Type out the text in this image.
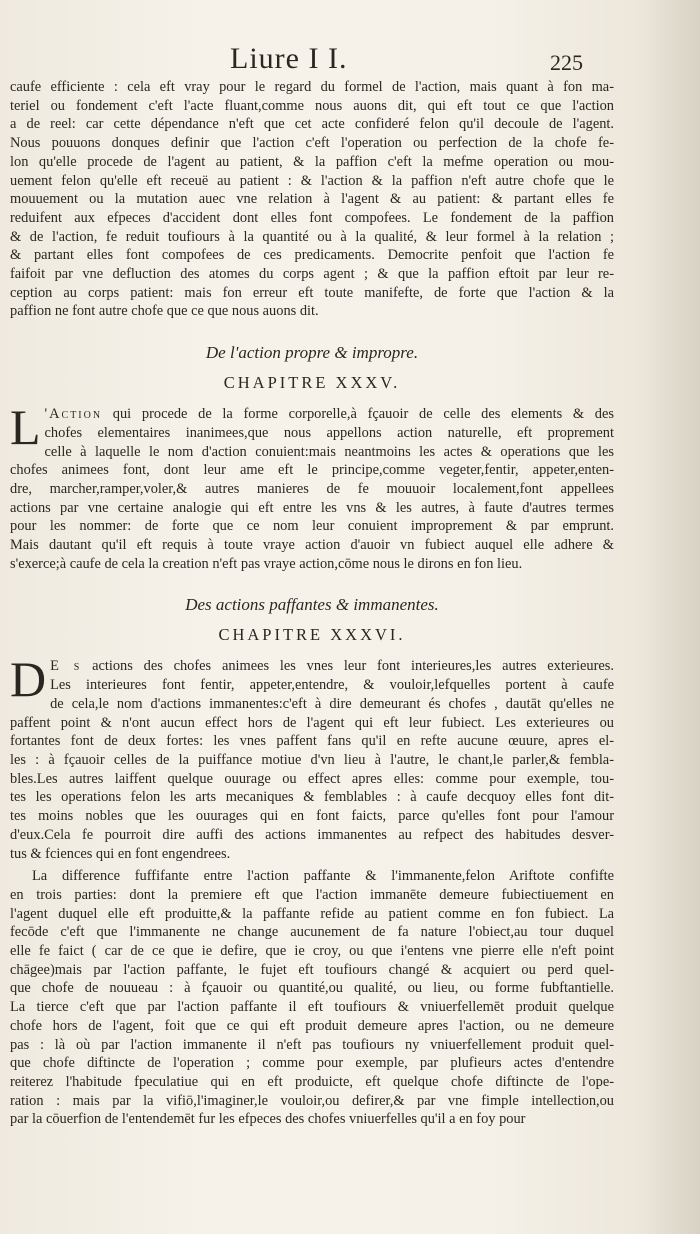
Liure I I.	225
caufe efficiente : cela eft vray pour le regard du formel de l'action, mais quant à fon ma-
teriel ou fondement c'eft l'acte fluant,comme nous auons dit, qui eft tout ce que l'action
a de reel: car cette dépendance n'eft que cet acte confideré felon qu'il decoule de l'agent.
Nous pouuons donques definir que l'action c'eft l'operation ou perfection de la chofe fe-
lon qu'elle procede de l'agent au patient, & la paffion c'eft la mefme operation ou mou-
uement felon qu'elle eft receuë au patient : & l'action & la paffion n'eft autre chofe que le
mouuement ou la mutation auec vne relation à l'agent & au patient: & partant elles fe
reduifent aux efpeces d'accident dont elles font compofees. Le fondement de la paffion
& de l'action, fe reduit toufiours à la quantité ou à la qualité, & leur formel à la relation ;
& partant elles font compofees de ces predicaments. Democrite penfoit que l'action fe
faifoit par vne defluction des atomes du corps agent ; & que la paffion eftoit par leur re-
ception au corps patient: mais fon erreur eft toute manifefte, de forte que l'action & la
paffion ne font autre chofe que ce que nous auons dit.
De l'action propre & impropre.
CHAPITRE XXXV.
L 'Action qui procede de la forme corporelle,à fçauoir de celle des elements & des
chofes elementaires inanimees,que nous appellons action naturelle, eft proprement
celle à laquelle le nom d'action conuient:mais neantmoins les actes & operations que les
chofes animees font, dont leur ame eft le principe,comme vegeter,fentir, appeter,enten-
dre, marcher,ramper,voler,& autres manieres de fe mouuoir localement,font appellees
actions par vne certaine analogie qui eft entre les vns & les autres, à faute d'autres termes
pour les nommer: de forte que ce nom leur conuient improprement & par emprunt.
Mais dautant qu'il eft requis à toute vraye action d'auoir vn fubiect auquel elle adhere &
s'exerce;à caufe de cela la creation n'eft pas vraye action,cōme nous le dirons en fon lieu.
Des actions paffantes & immanentes.
CHAPITRE XXXVI.
D E s actions des chofes animees les vnes leur font interieures,les autres exterieures.
Les interieures font fentir, appeter,entendre, & vouloir,lefquelles portent à caufe
de cela,le nom d'actions immanentes:c'eft à dire demeurant és chofes , dautāt qu'elles ne
paffent point & n'ont aucun effect hors de l'agent qui eft leur fubiect. Les exterieures ou
fortantes font de deux fortes: les vnes paffent fans qu'il en refte aucune œuure, apres el-
les : à fçauoir celles de la puiffance motiue d'vn lieu à l'autre, le chant,le parler,& fembla-
bles.Les autres laiffent quelque ouurage ou effect apres elles: comme pour exemple, tou-
tes les operations felon les arts mecaniques & femblables : à caufe decquoy elles font dit-
tes moins nobles que les ouurages qui en font faicts, parce qu'elles font pour l'amour
d'eux.Cela fe pourroit dire auffi des actions immanentes au refpect des habitudes desver-
tus & fciences qui en font engendrees.
La difference fuffifante entre l'action paffante & l'immanente,felon Ariftote confifte
en trois parties: dont la premiere eft que l'action immanēte demeure fubiectiuement en
l'agent duquel elle eft produitte,& la paffante refide au patient comme en fon fubiect. La
fecōde c'eft que l'immanente ne change aucunement de fa nature l'obiect,au tour duquel
elle fe faict ( car de ce que ie defire, que ie croy, ou que i'entens vne pierre elle n'eft point
chāgee)mais par l'action paffante, le fujet eft toufiours changé & acquiert ou perd quel-
que chofe de nouueau : à fçauoir ou quantité,ou qualité, ou lieu, ou forme fubftantielle.
La tierce c'eft que par l'action paffante il eft toufiours & vniuerfellemēt produit quelque
chofe hors de l'agent, foit que ce qui eft produit demeure apres l'action, ou ne demeure
pas : là où par l'action immanente il n'eft pas toufiours ny vniuerfellement produit quel-
que chofe diftincte de l'operation ; comme pour exemple, par plufieurs actes d'entendre
reiterez l'habitude fpeculatiue qui en eft produicte, eft quelque chofe diftincte de l'ope-
ration : mais par la vifiō,l'imaginer,le vouloir,ou defirer,& par vne fimple intellection,ou
par la cōuerfion de l'entendemēt fur les efpeces des chofes vniuerfelles qu'il a en foy pour
